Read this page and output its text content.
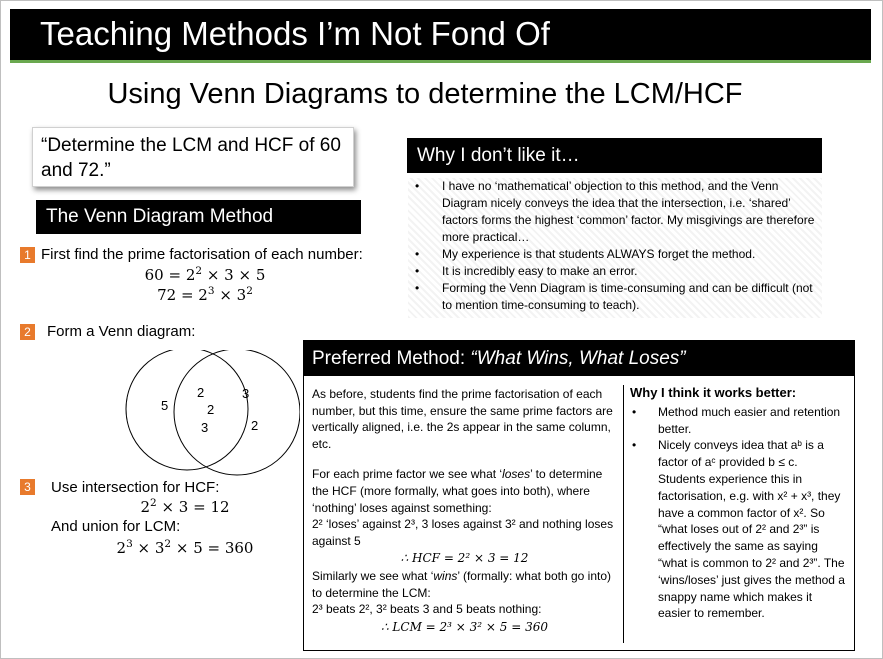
Teaching Methods I’m Not Fond Of
Using Venn Diagrams to determine the LCM/HCF
“Determine the LCM and HCF of 60 and 72.”
The Venn Diagram Method
1 First find the prime factorisation of each number:
$60 = 2^2 \times 3 \times 5$
$72 = 2^3 \times 3^2$
2 Form a Venn diagram:
5
2
2
3
3
2
3 Use intersection for HCF:
$2^2 \times 3 = 12$
And union for LCM:
$2^3 \times 3^2 \times 5 = 360$
Why I don’t like it…
• I have no ‘mathematical’ objection to this method, and the Venn Diagram nicely conveys the idea that the intersection, i.e. ‘shared’ factors forms the highest ‘common’ factor. My misgivings are therefore more practical…
• My experience is that students ALWAYS forget the method.
• It is incredibly easy to make an error.
• Forming the Venn Diagram is time-consuming and can be difficult (not to mention time-consuming to teach).
Preferred Method: “What Wins, What Loses”

As before, students find the prime factorisation of each number, but this time, ensure the same prime factors are vertically aligned, i.e. the 2s appear in the same column, etc.

For each prime factor we see what ‘loses’ to determine the HCF (more formally, what goes into both), where ‘nothing’ loses against something:

2² ‘loses’ against 2³, 3 loses against 3² and nothing loses against 5

∴ HCF = 2² × 3 = 12

Similarly we see what ‘wins’ (formally: what both go into) to determine the LCM:

2³ beats 2², 3² beats 3 and 5 beats nothing:

∴ LCM = 2³ × 3² × 5 = 360

Why I think it works better:
• Method much easier and retention better.
• Nicely conveys idea that aᵇ is a factor of aᶜ provided b ≤ c. Students experience this in factorisation, e.g. with x² + x³, they have a common factor of x². So “what loses out of 2² and 2³” is effectively the same as saying “what is common to 2² and 2³”. The ‘wins/loses’ just gives the method a snappy name which makes it easier to remember.
